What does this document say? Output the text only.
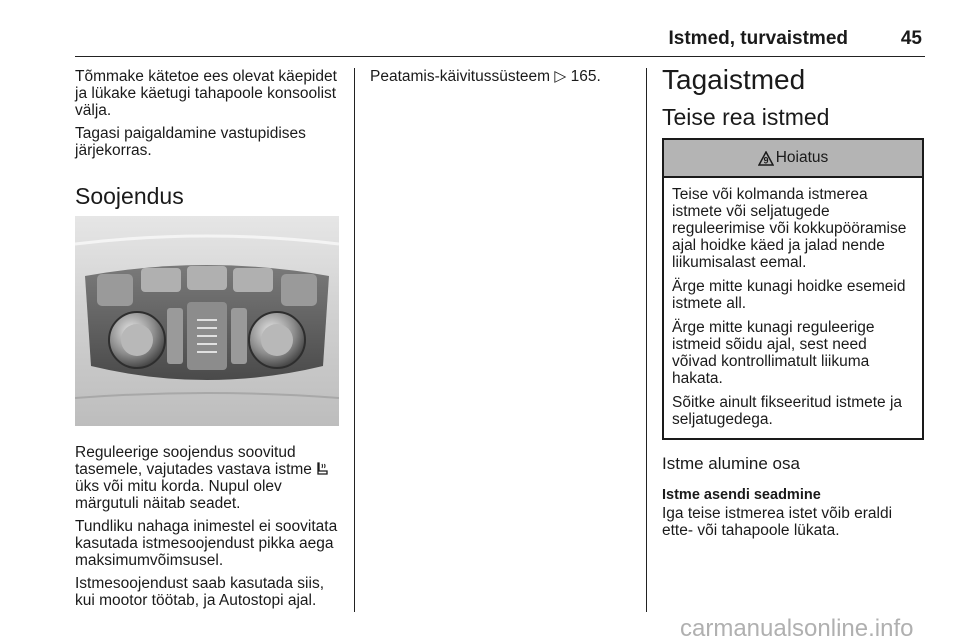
Istmed, turvaistmed	45

Tõmmake kätetoe ees olevat käepidet ja lükake käetugi tahapoole konsoolist välja.

Tagasi paigaldamine vastupidises järjekorras.

Soojendus

Reguleerige soojendus soovitud tasemele, vajutades vastava istme  üks või mitu korda. Nupul olev märgutuli näitab seadet.

Tundliku nahaga inimestel ei soovitata kasutada istmesoojendust pikka aega maksimumvõimsusel.

Istmesoojendust saab kasutada siis, kui mootor töötab, ja Autostopi ajal.

Peatamis-käivitussüsteem ▷ 165.	Tagaistmed
Teise rea istmed
9 Hoiatus

Teise või kolmanda istmerea istmete või seljatugede reguleerimise või kokkupööramise ajal hoidke käed ja jalad nende liikumisalast eemal.

Ärge mitte kunagi hoidke esemeid istmete all.

Ärge mitte kunagi reguleerige istmeid sõidu ajal, sest need võivad kontrollimatult liikuma hakata.

Sõitke ainult fikseeritud istmete ja seljatugedega.

Istme alumine osa
Istme asendi seadmine

Iga teise istmerea istet võib eraldi ette- või tahapoole lükata.

carmanualsonline.info
